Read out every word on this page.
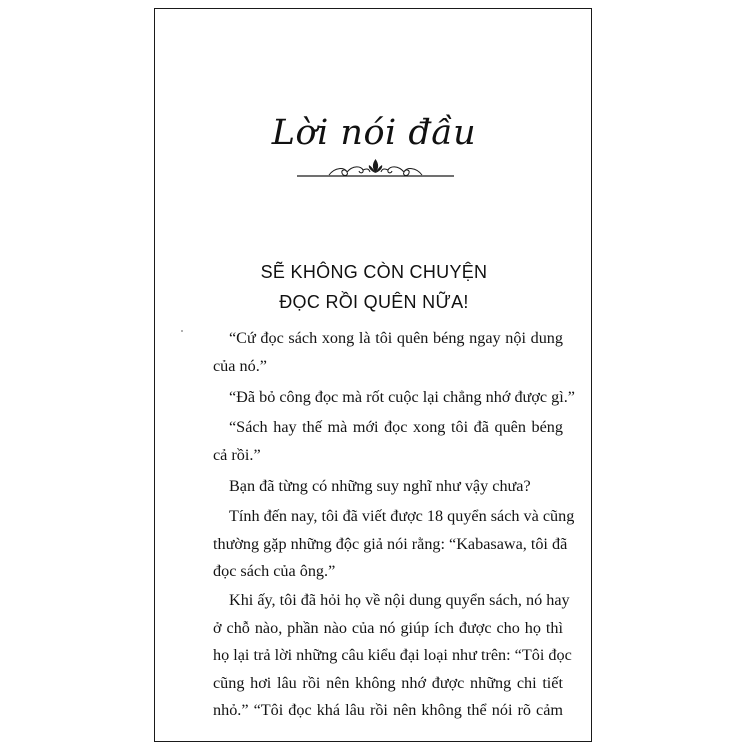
Lời nói đầu
SẼ KHÔNG CÒN CHUYỆN
ĐỌC RỒI QUÊN NỮA!

“Cứ đọc sách xong là tôi quên béng ngay nội dung
của nó.”

“Đã bỏ công đọc mà rốt cuộc lại chẳng nhớ được gì.”

“Sách hay thế mà mới đọc xong tôi đã quên béng
cả rồi.”

Bạn đã từng có những suy nghĩ như vậy chưa?

Tính đến nay, tôi đã viết được 18 quyển sách và cũng
thường gặp những độc giả nói rằng: “Kabasawa, tôi đã
đọc sách của ông.”

Khi ấy, tôi đã hỏi họ về nội dung quyển sách, nó hay
ở chỗ nào, phần nào của nó giúp ích được cho họ thì
họ lại trả lời những câu kiểu đại loại như trên: “Tôi đọc
cũng hơi lâu rồi nên không nhớ được những chi tiết
nhỏ.” “Tôi đọc khá lâu rồi nên không thể nói rõ cảm
